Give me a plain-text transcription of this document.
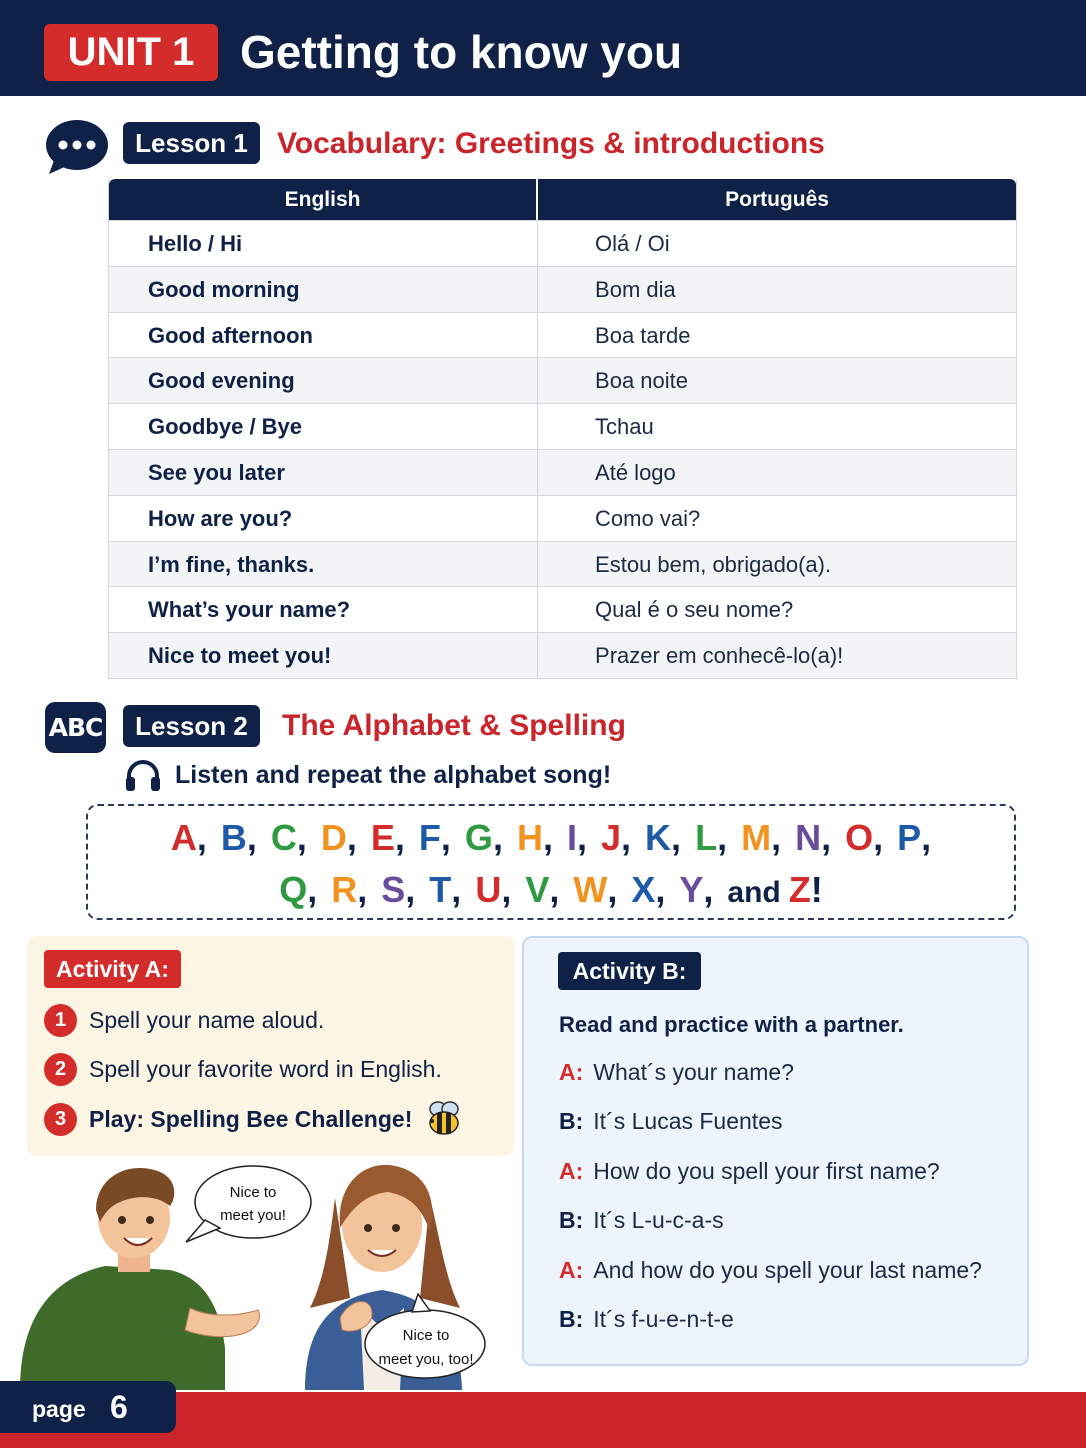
UNIT 1 Getting to know you
Lesson 1 Vocabulary: Greetings & introductions
English	Português
Hello / Hi	Olá / Oi
Good morning	Bom dia
Good afternoon	Boa tarde
Good evening	Boa noite
Goodbye / Bye	Tchau
See you later	Até logo
How are you?	Como vai?
I’m fine, thanks.	Estou bem, obrigado(a).
What’s your name?	Qual é o seu nome?
Nice to meet you!	Prazer em conhecê-lo(a)!
ABC	Lesson 2	The Alphabet & Spelling
Listen and repeat the alphabet song!
A, B, C, D, E, F, G, H, I, J, K, L, M, N, O, P,
Q, R, S, T, U, V, W, X, Y, and Z!
Activity A:
1 Spell your name aloud.
2 Spell your favorite word in English.
3 Play: Spelling Bee Challenge!
Nice to
meet you!
Nice to
meet you, too!
Activity B:
Read and practice with a partner.
A: What´s your name?
B: It´s Lucas Fuentes
A: How do you spell your first name?
B: It´s L-u-c-a-s
A: And how do you spell your last name?
B: It´s f-u-e-n-t-e
page 6
